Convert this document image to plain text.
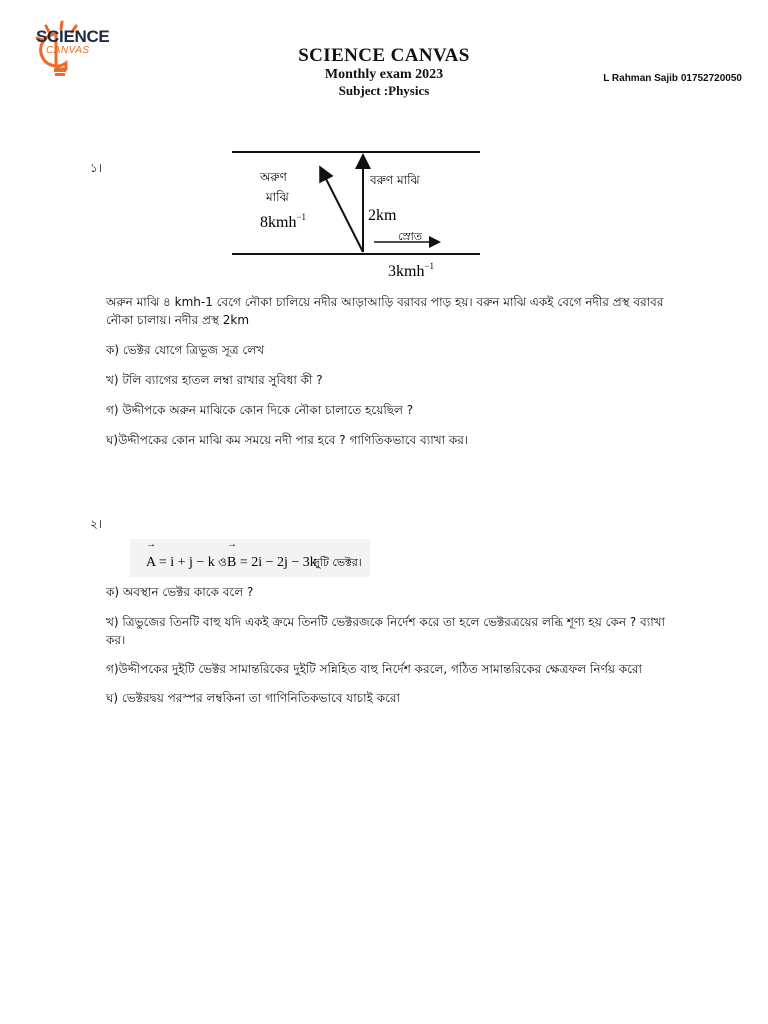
SCIENCE
CANVAS	SCIENCE CANVAS
Monthly exam 2023
Subject :Physics
L Rahman Sajib 01752720050
১।
অরুণ
মাঝি
8kmh$^{-1}$
বরুণ মাঝি
2km
স্রোত
3kmh$^{-1}$
অরুন মাঝি ৪ kmh-1 বেগে নৌকা চালিয়ে নদীর আড়াআড়ি বরাবর পাড় হয়। বরুন মাঝি একই বেগে নদীর প্রস্থ বরাবর
নৌকা চালায়। নদীর প্রস্থ 2km
ক) ভেক্টর যোগে ত্রিভূজ সূত্র লেখ
খ) টলি ব্যাগের হাতল লম্বা রাখার সুবিধা কী ?
গ) উদ্দীপকে অরুন মাঝিকে কোন দিকে নৌকা চালাতে হয়েছিল ?
ঘ)উদ্দীপকের কোন মাঝি কম সময়ে নদী পার হবে ? গাণিতিকভাবে ব্যাখা কর।
২।
→	→
A = i + j − k ও B = 2i − 2j − 3k
দুটি ভেক্টর।
ক) অবস্থান ভেক্টর কাকে বলে ?
খ) ত্রিভুজের তিনটি বাহু যদি একই ক্রমে তিনটি ভেক্টরজকে নির্দেশ করে তা হলে ভেক্টরত্রয়ের লব্ধি শূণ্য হয় কেন ? ব্যাখা
কর।
গ)উদ্দীপকের দুইটি ভেক্টর সামান্তরিকের দুইটি সন্নিহিত বাহু নির্দেশ করলে, গঠিত সামান্তরিকের ক্ষেত্রফল নির্ণয় করো
ঘ) ভেক্টরদ্বয় পরস্পর লম্বকিনা তা গাণিনিতিকভাবে যাচাই করো
